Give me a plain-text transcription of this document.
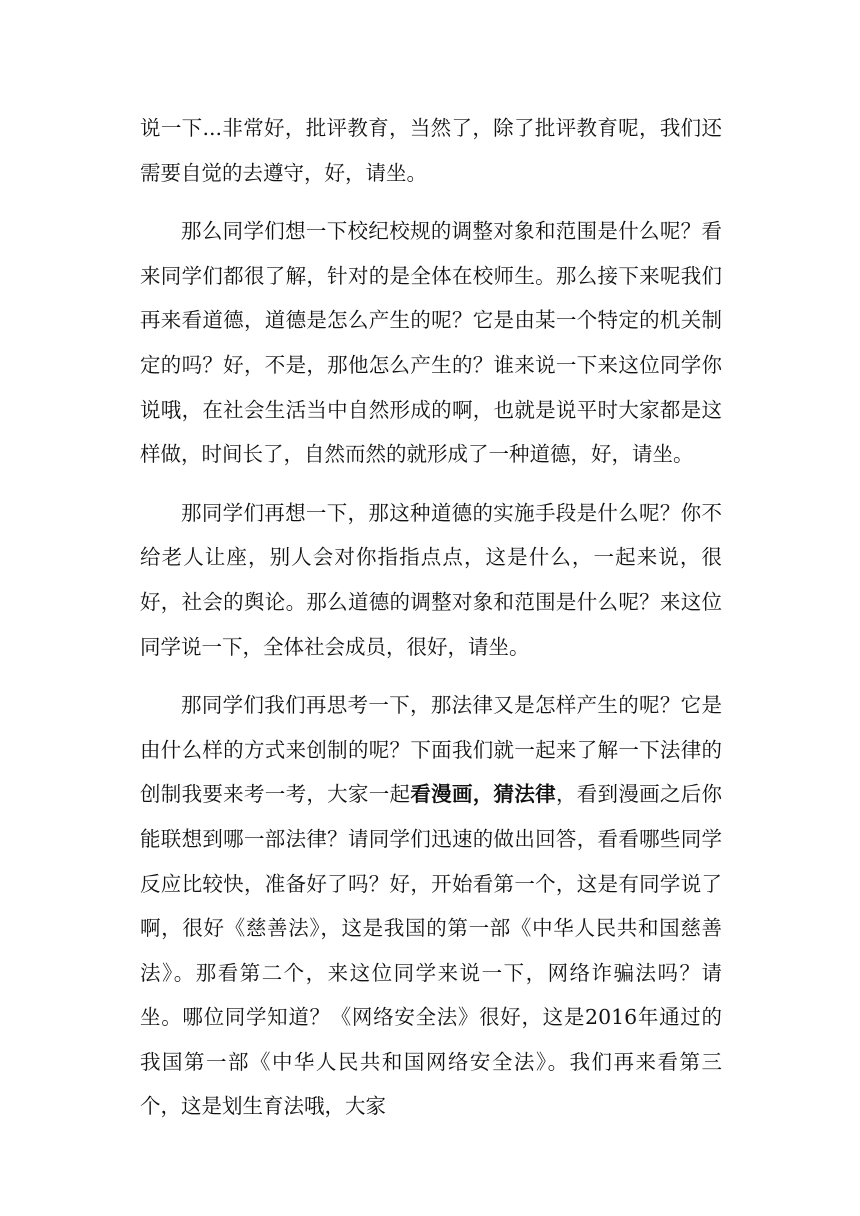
说一下...非常好，批评教育，当然了，除了批评教育呢，我们还需要自觉的去遵守，好，请坐。

那么同学们想一下校纪校规的调整对象和范围是什么呢？看来同学们都很了解，针对的是全体在校师生。那么接下来呢我们再来看道德，道德是怎么产生的呢？它是由某一个特定的机关制定的吗？好，不是，那他怎么产生的？谁来说一下来这位同学你说哦，在社会生活当中自然形成的啊，也就是说平时大家都是这样做，时间长了，自然而然的就形成了一种道德，好，请坐。

那同学们再想一下，那这种道德的实施手段是什么呢？你不给老人让座，别人会对你指指点点，这是什么，一起来说，很好，社会的舆论。那么道德的调整对象和范围是什么呢？来这位同学说一下，全体社会成员，很好，请坐。

那同学们我们再思考一下，那法律又是怎样产生的呢？它是由什么样的方式来创制的呢？下面我们就一起来了解一下法律的创制我要来考一考，大家一起看漫画，猜法律，看到漫画之后你能联想到哪一部法律？请同学们迅速的做出回答，看看哪些同学反应比较快，准备好了吗？好，开始看第一个，这是有同学说了啊，很好《慈善法》，这是我国的第一部《中华人民共和国慈善法》。那看第二个，来这位同学来说一下，网络诈骗法吗？请坐。哪位同学知道？《网络安全法》很好，这是2016年通过的我国第一部《中华人民共和国网络安全法》。我们再来看第三个，这是划生育法哦，大家
